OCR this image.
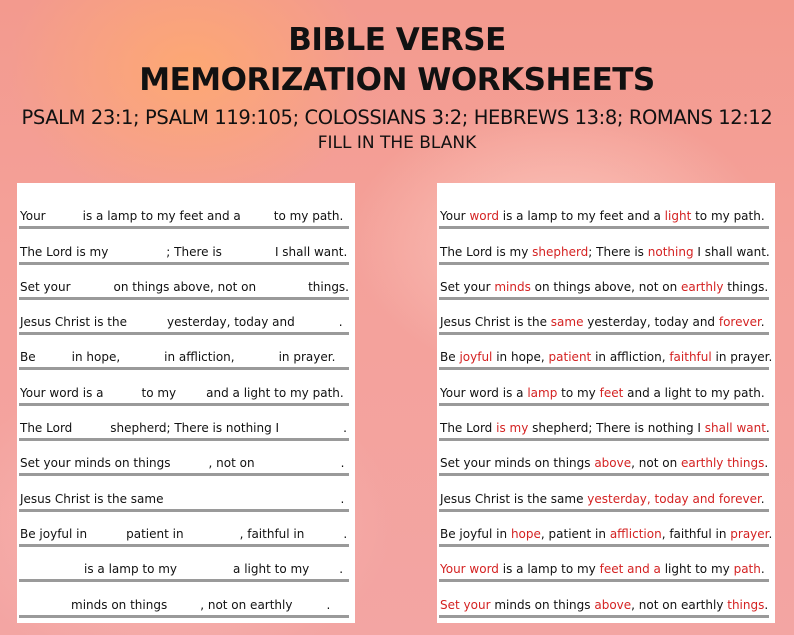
BIBLE VERSE
MEMORIZATION WORKSHEETS
PSALM 23:1; PSALM 119:105; COLOSSIANS 3:2; HEBREWS 13:8; ROMANS 12:12
FILL IN THE BLANK
Your	is a lamp to my feet and a	to my path.
The Lord is my	; There is	I shall want.
Set your	on things above, not on	things.
Jesus Christ is the	yesterday, today and	.
Be	in hope,	in affliction,	in prayer.
Your word is a	to my	and a light to my path.
The Lord	shepherd; There is nothing I	.
Set your minds on things	, not on	.
Jesus Christ is the same	.
Be joyful in	patient in	, faithful in	.
is a lamp to my	a light to my	.
minds on things	, not on earthly	.
Your word is a lamp to my feet and a light to my path.
The Lord is my shepherd; There is nothing I shall want.
Set your minds on things above, not on earthly things.
Jesus Christ is the same yesterday, today and forever.
Be joyful in hope, patient in affliction, faithful in prayer.
Your word is a lamp to my feet and a light to my path.
The Lord is my shepherd; There is nothing I shall want.
Set your minds on things above, not on earthly things.
Jesus Christ is the same yesterday, today and forever.
Be joyful in hope, patient in affliction, faithful in prayer.
Your word is a lamp to my feet and a light to my path.
Set your minds on things above, not on earthly things.
